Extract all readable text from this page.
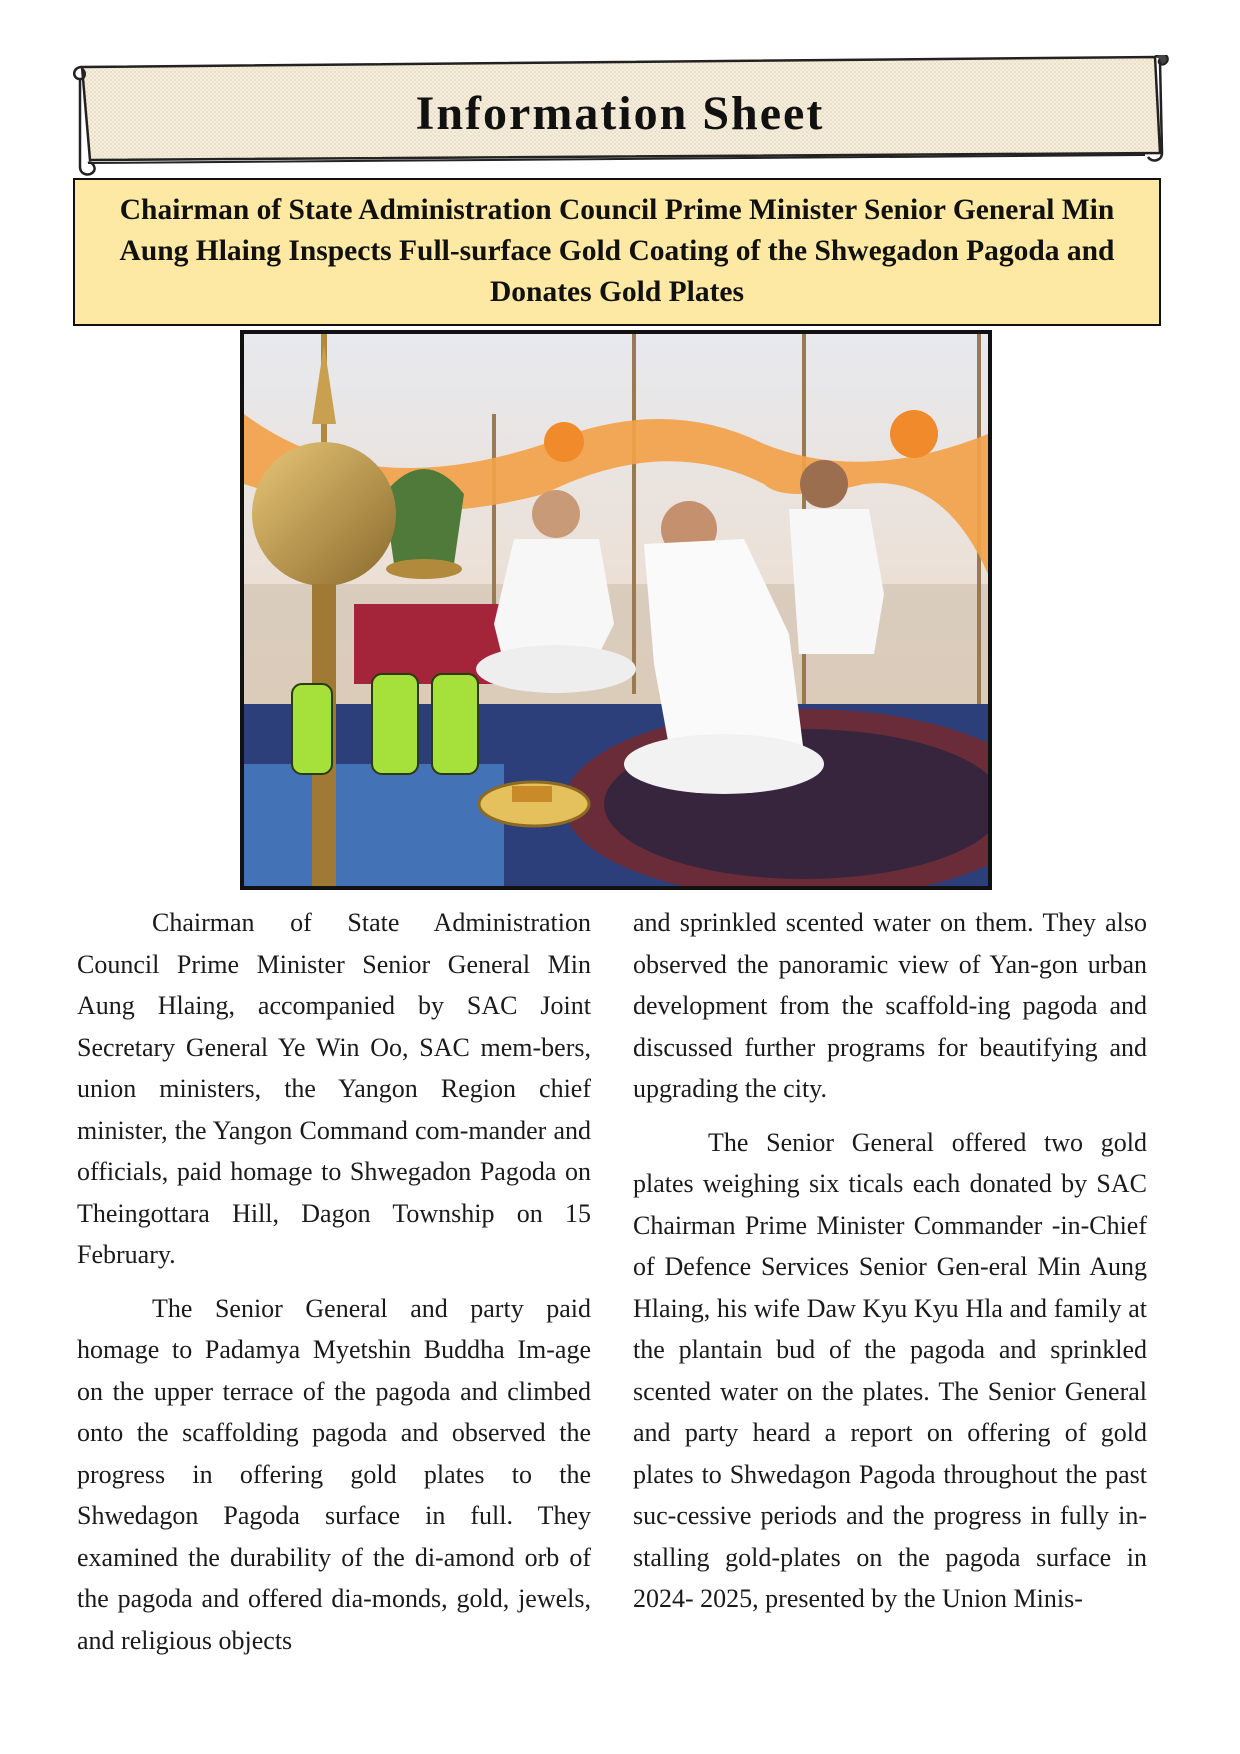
Information Sheet
Chairman of State Administration Council Prime Minister Senior General Min
Aung Hlaing Inspects Full-surface Gold Coating of the Shwegadon Pagoda and
Donates Gold Plates

Chairman of State Administration Council Prime Minister Senior General Min Aung Hlaing, accompanied by SAC Joint Secretary General Ye Win Oo, SAC mem-bers, union ministers, the Yangon Region chief minister, the Yangon Command com-mander and officials, paid homage to Shwegadon Pagoda on Theingottara Hill, Dagon Township on 15 February.

The Senior General and party paid homage to Padamya Myetshin Buddha Im-age on the upper terrace of the pagoda and climbed onto the scaffolding pagoda and observed the progress in offering gold plates to the Shwedagon Pagoda surface in full. They examined the durability of the di-amond orb of the pagoda and offered dia-monds, gold, jewels, and religious objects

and sprinkled scented water on them. They also observed the panoramic view of Yan-gon urban development from the scaffold-ing pagoda and discussed further programs for beautifying and upgrading the city.

The Senior General offered two gold plates weighing six ticals each donated by SAC Chairman Prime Minister Commander -in-Chief of Defence Services Senior Gen-eral Min Aung Hlaing, his wife Daw Kyu Kyu Hla and family at the plantain bud of the pagoda and sprinkled scented water on the plates. The Senior General and party heard a report on offering of gold plates to Shwedagon Pagoda throughout the past suc-cessive periods and the progress in fully in-stalling gold-plates on the pagoda surface in 2024- 2025, presented by the Union Minis-
